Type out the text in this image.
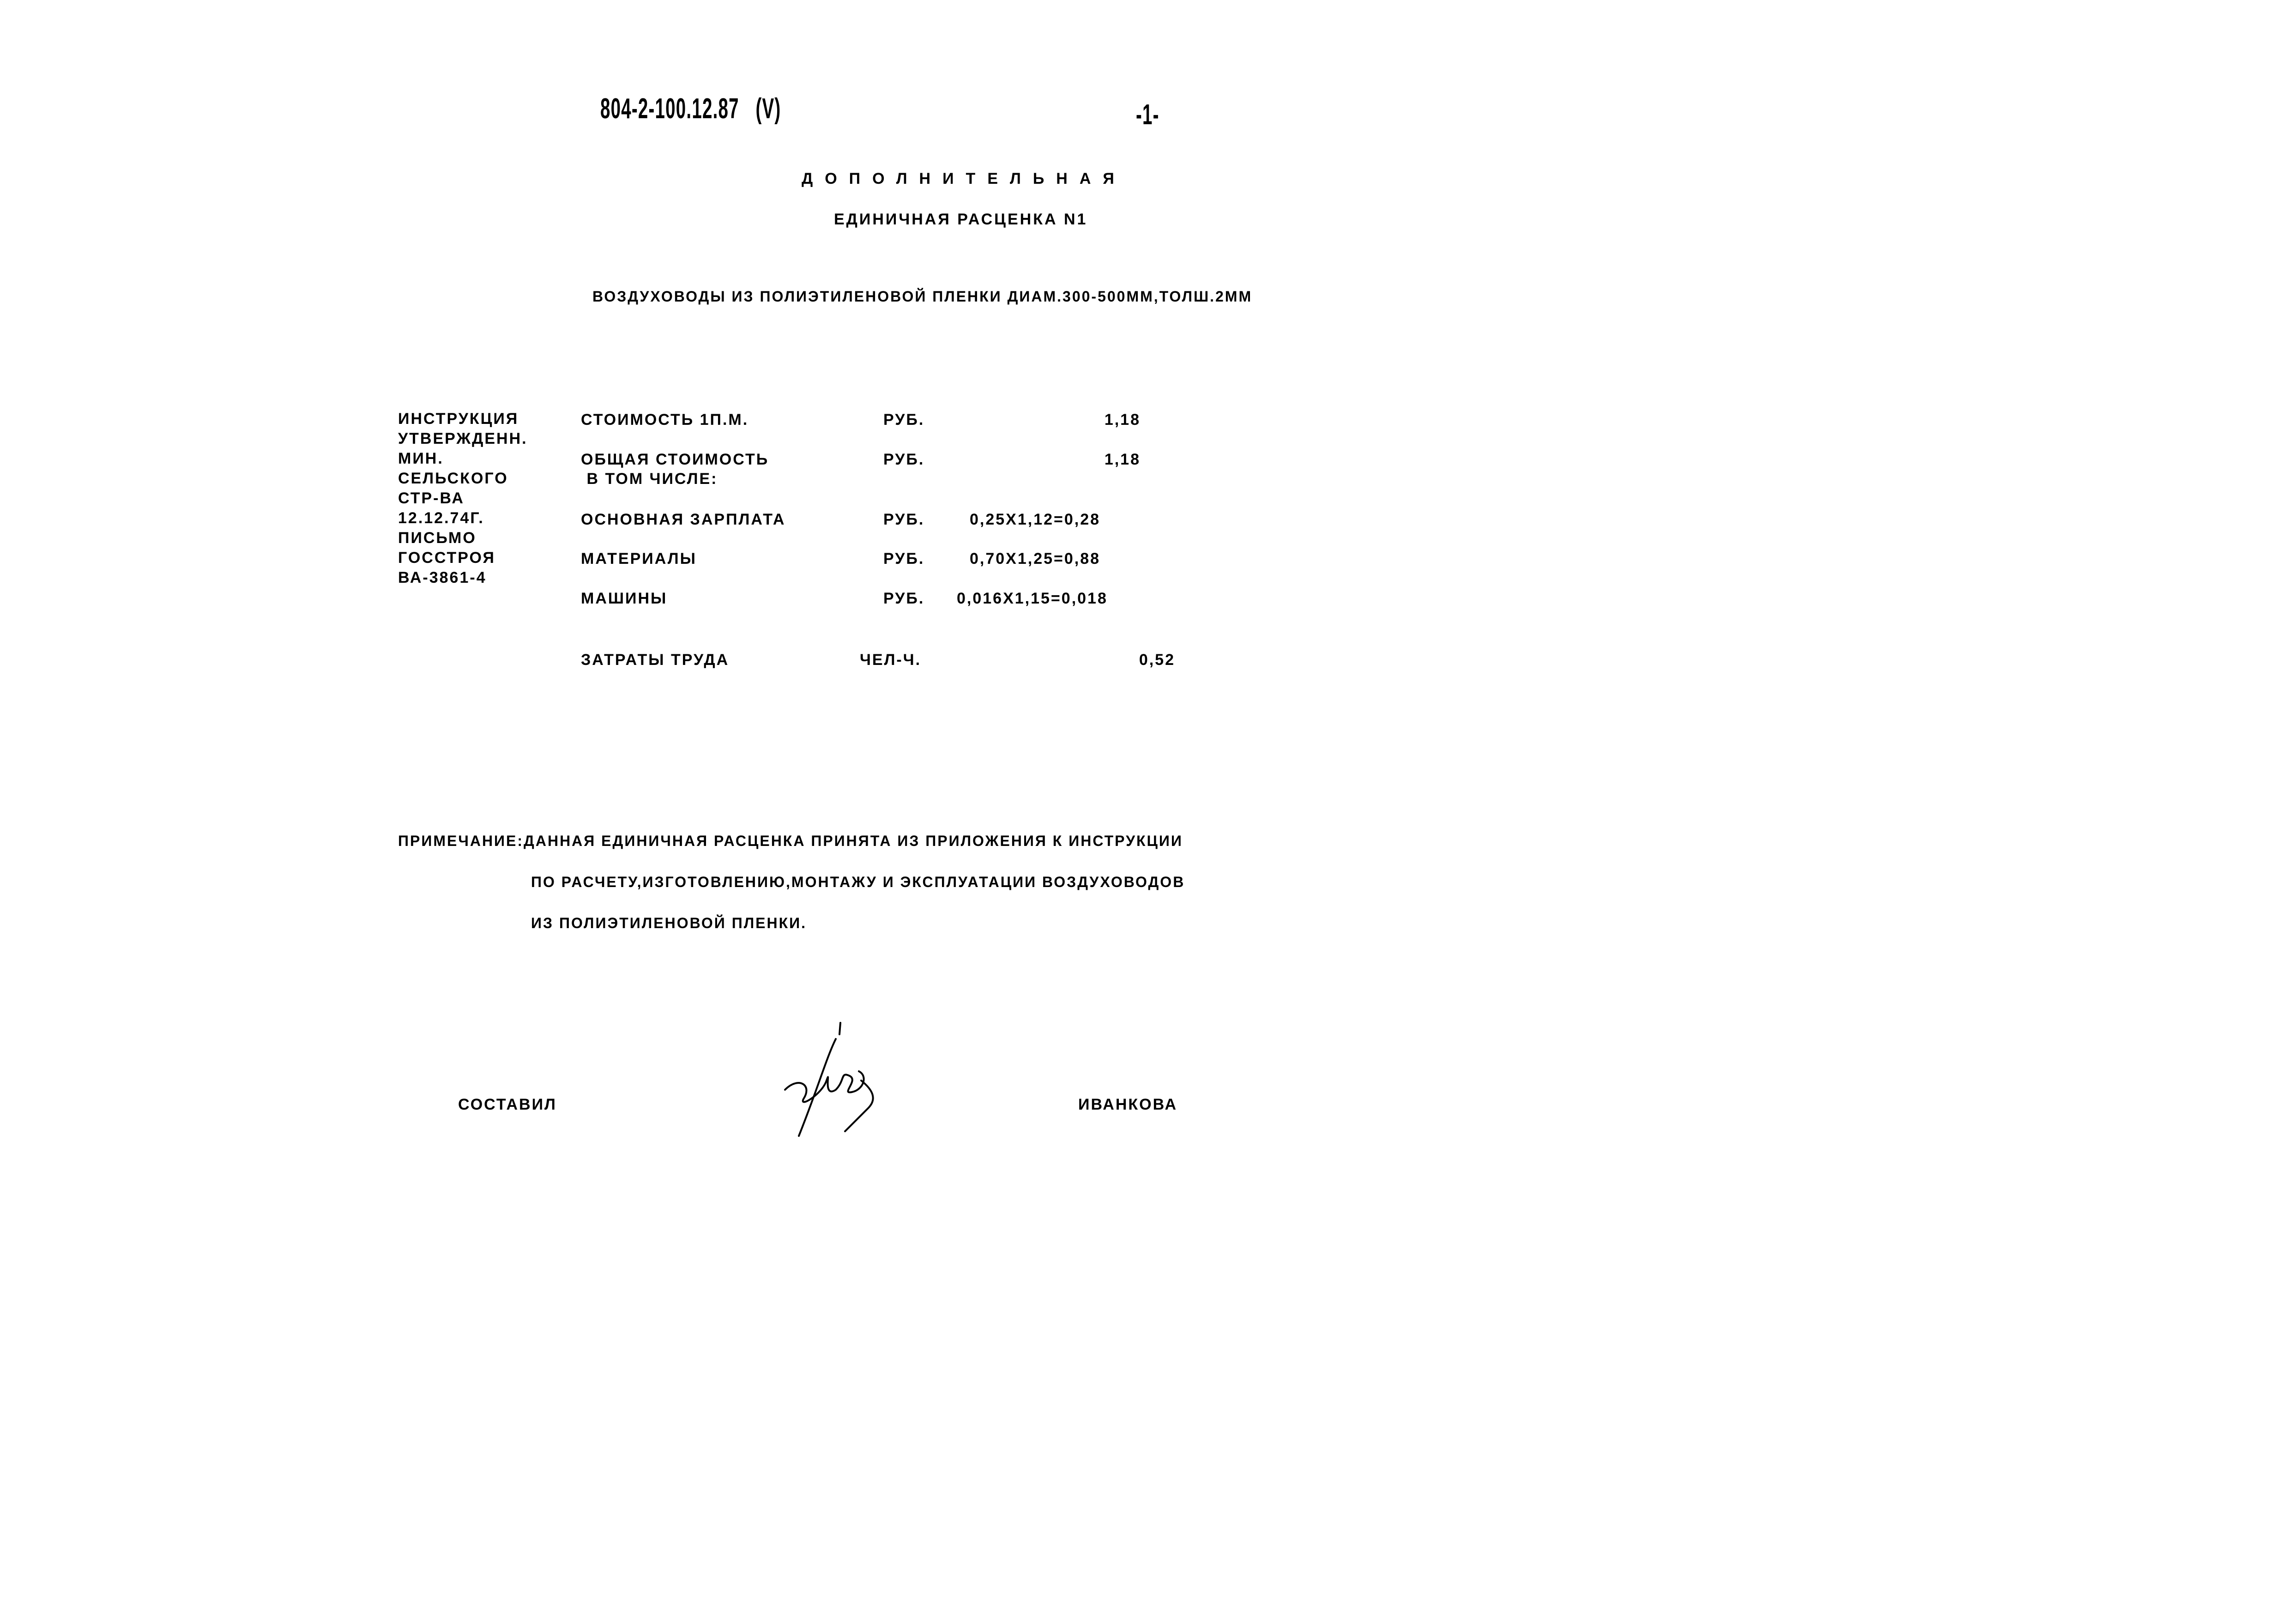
804-2-100.12.87 (V)	-1-
ДОПОЛНИТЕЛЬНАЯ
ЕДИНИЧНАЯ РАСЦЕНКА N1
ВОЗДУХОВОДЫ ИЗ ПОЛИЭТИЛЕНОВОЙ ПЛЕНКИ ДИАМ.300-500ММ,ТОЛШ.2ММ
ИНСТРУКЦИЯ
УТВЕРЖДЕНН.
МИН.
СЕЛЬСКОГО
СТР-ВА
12.12.74Г.
ПИСЬМО
ГОССТРОЯ
ВА-3861-4
СТОИМОСТЬ 1П.М.	РУБ.	1,18
ОБЩАЯ СТОИМОСТЬ	РУБ.	1,18
В ТОМ ЧИСЛЕ:
ОСНОВНАЯ ЗАРПЛАТА	РУБ.	0,25X1,12=0,28
МАТЕРИАЛЫ	РУБ.	0,70X1,25=0,88
МАШИНЫ	РУБ. 0,016X1,15=0,018
ЗАТРАТЫ ТРУДА	ЧЕЛ-Ч.	0,52
ПРИМЕЧАНИЕ:ДАННАЯ ЕДИНИЧНАЯ РАСЦЕНКА ПРИНЯТА ИЗ ПРИЛОЖЕНИЯ К ИНСТРУКЦИИ
ПО РАСЧЕТУ,ИЗГОТОВЛЕНИЮ,МОНТАЖУ И ЭКСПЛУАТАЦИИ ВОЗДУХОВОДОВ
ИЗ ПОЛИЭТИЛЕНОВОЙ ПЛЕНКИ.
СОСТАВИЛ	ИВАНКОВА
